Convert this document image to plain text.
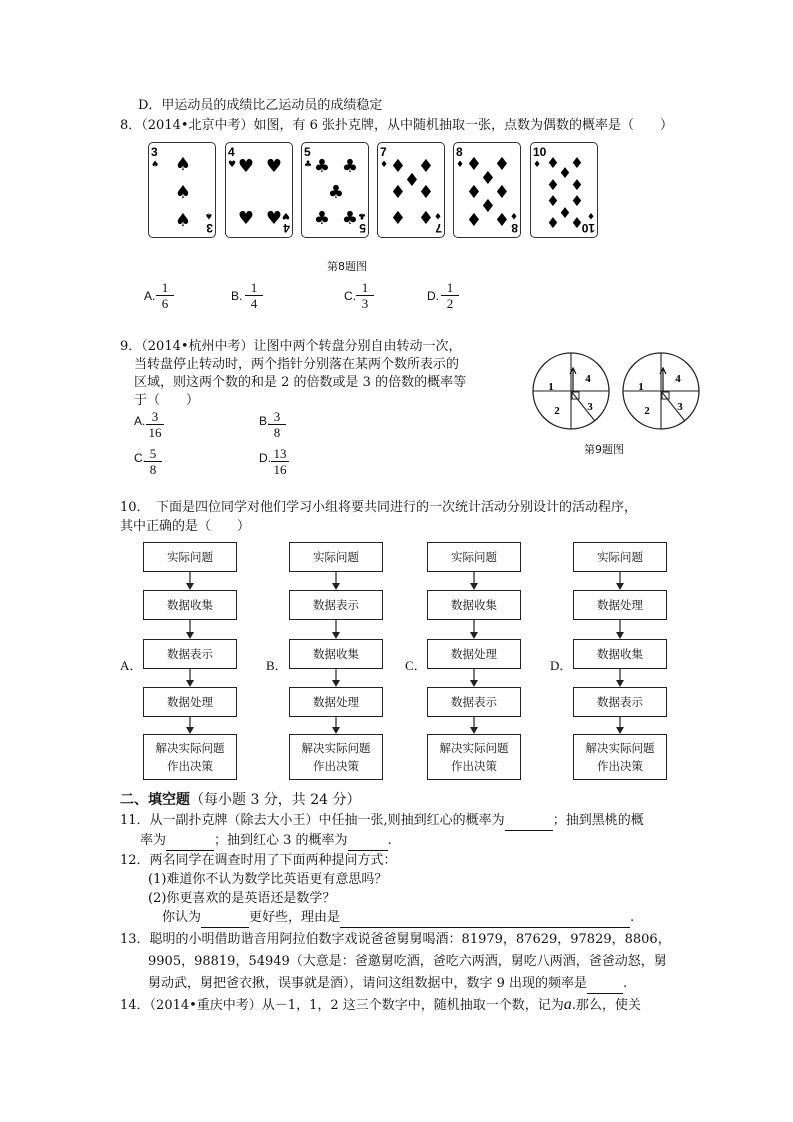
D．甲运动员的成绩比乙运动员的成绩稳定
8．（2014•北京中考）如图，有 6 张扑克牌，从中随机抽取一张，点数为偶数的概率是（　　）
3
♠
3
♠
♠
♠
♠
4
♥
4
♥
♥ ♥
♥ ♥
5
♣
5
♣
♣ ♣
♣
♣ ♣
7
♦
7
♦
♦ ♦
♦
♦ ♦
♦ ♦
8
♦
8
♦
♦ ♦
♦
♦ ♦
♦
♦ ♦
10
♦
10
♦
♦ ♦
♦
♦ ♦
♦ ♦
♦
♦ ♦
第8题图
A. $\frac{1}{6}$	B. $\frac{1}{4}$	C. $\frac{1}{3}$	D. $\frac{1}{2}$
9．（2014•杭州中考）让图中两个转盘分别自由转动一次，
当转盘停止转动时，两个指针分别落在某两个数所表示的
区域，则这两个数的和是 2 的倍数或是 3 的倍数的概率等
于（　　）
A. $\frac{3}{16}$	B.
$\frac{3}{8}$
C.
$\frac{5}{8}$	D. $\frac{13}{16}$
1
2	3
4
1
2	3
4
第9题图
10．　下面是四位同学对他们学习小组将要共同进行的一次统计活动分别设计的活动程序，
其中正确的是（　　）
A．
实际问题
数据收集
数据表示
数据处理
解决实际问题
作出决策
B．
实际问题
数据表示
数据收集
数据处理
解决实际问题
作出决策
C．
实际问题
数据收集
数据处理
数据表示
解决实际问题
作出决策
D．
实际问题
数据处理
数据收集
数据表示
解决实际问题
作出决策
二、填空题（每小题 3 分，共 24 分）
11．从一副扑克牌（除去大小王）中任抽一张,则抽到红心的概率为	；抽到黑桃的概
率为	；抽到红心 3 的概率为	.
12．两名同学在调查时用了下面两种提问方式：
(1)难道你不认为数学比英语更有意思吗？
(2)你更喜欢的是英语还是数学？
你认为	更好些，理由是	.
13．聪明的小明借助谐音用阿拉伯数字戏说爸爸舅舅喝酒：81979，87629，97829，8806，
9905，98819，54949（大意是：爸邀舅吃酒，爸吃六两酒，舅吃八两酒，爸爸动怒，舅
舅动武，舅把爸衣揪，误事就是酒），请问这组数据中，数字 9 出现的频率是	.
14．（2014•重庆中考）从－1，1，2 这三个数字中，随机抽取一个数，记为a.那么，使关
